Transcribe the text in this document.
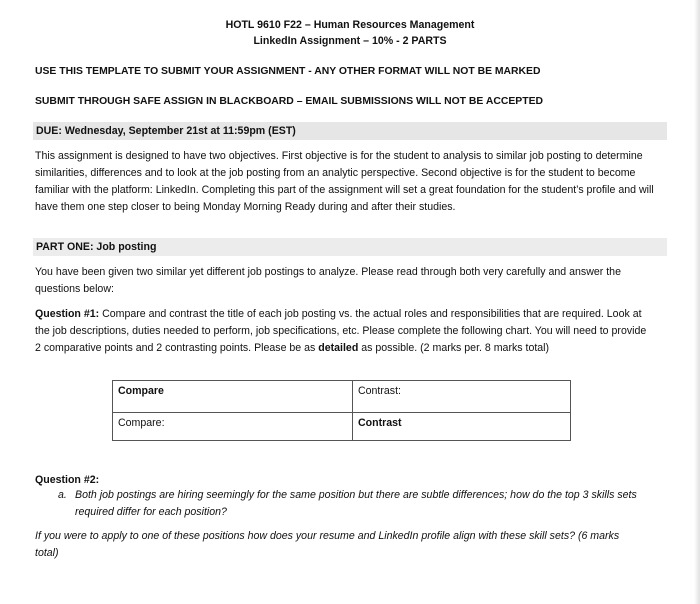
HOTL 9610 F22 – Human Resources Management
LinkedIn Assignment – 10% - 2 PARTS
USE THIS TEMPLATE TO SUBMIT YOUR ASSIGNMENT - ANY OTHER FORMAT WILL NOT BE MARKED
SUBMIT THROUGH SAFE ASSIGN IN BLACKBOARD – EMAIL SUBMISSIONS WILL NOT BE ACCEPTED
DUE: Wednesday, September 21st at 11:59pm (EST)
This assignment is designed to have two objectives. First objective is for the student to analysis to similar job posting to determine similarities, differences and to look at the job posting from an analytic perspective. Second objective is for the student to become familiar with the platform: LinkedIn. Completing this part of the assignment will set a great foundation for the student’s profile and will have them one step closer to being Monday Morning Ready during and after their studies.
PART ONE: Job posting
You have been given two similar yet different job postings to analyze. Please read through both very carefully and answer the questions below:
Question #1: Compare and contrast the title of each job posting vs. the actual roles and responsibilities that are required. Look at the job descriptions, duties needed to perform, job specifications, etc. Please complete the following chart. You will need to provide 2 comparative points and 2 contrasting points. Please be as detailed as possible. (2 marks per. 8 marks total)
Compare	Contrast:
Compare:	Contrast
Question #2:
a. Both job postings are hiring seemingly for the same position but there are subtle differences; how do the top 3 skills sets required differ for each position?
If you were to apply to one of these positions how does your resume and LinkedIn profile align with these skill sets? (6 marks total)
